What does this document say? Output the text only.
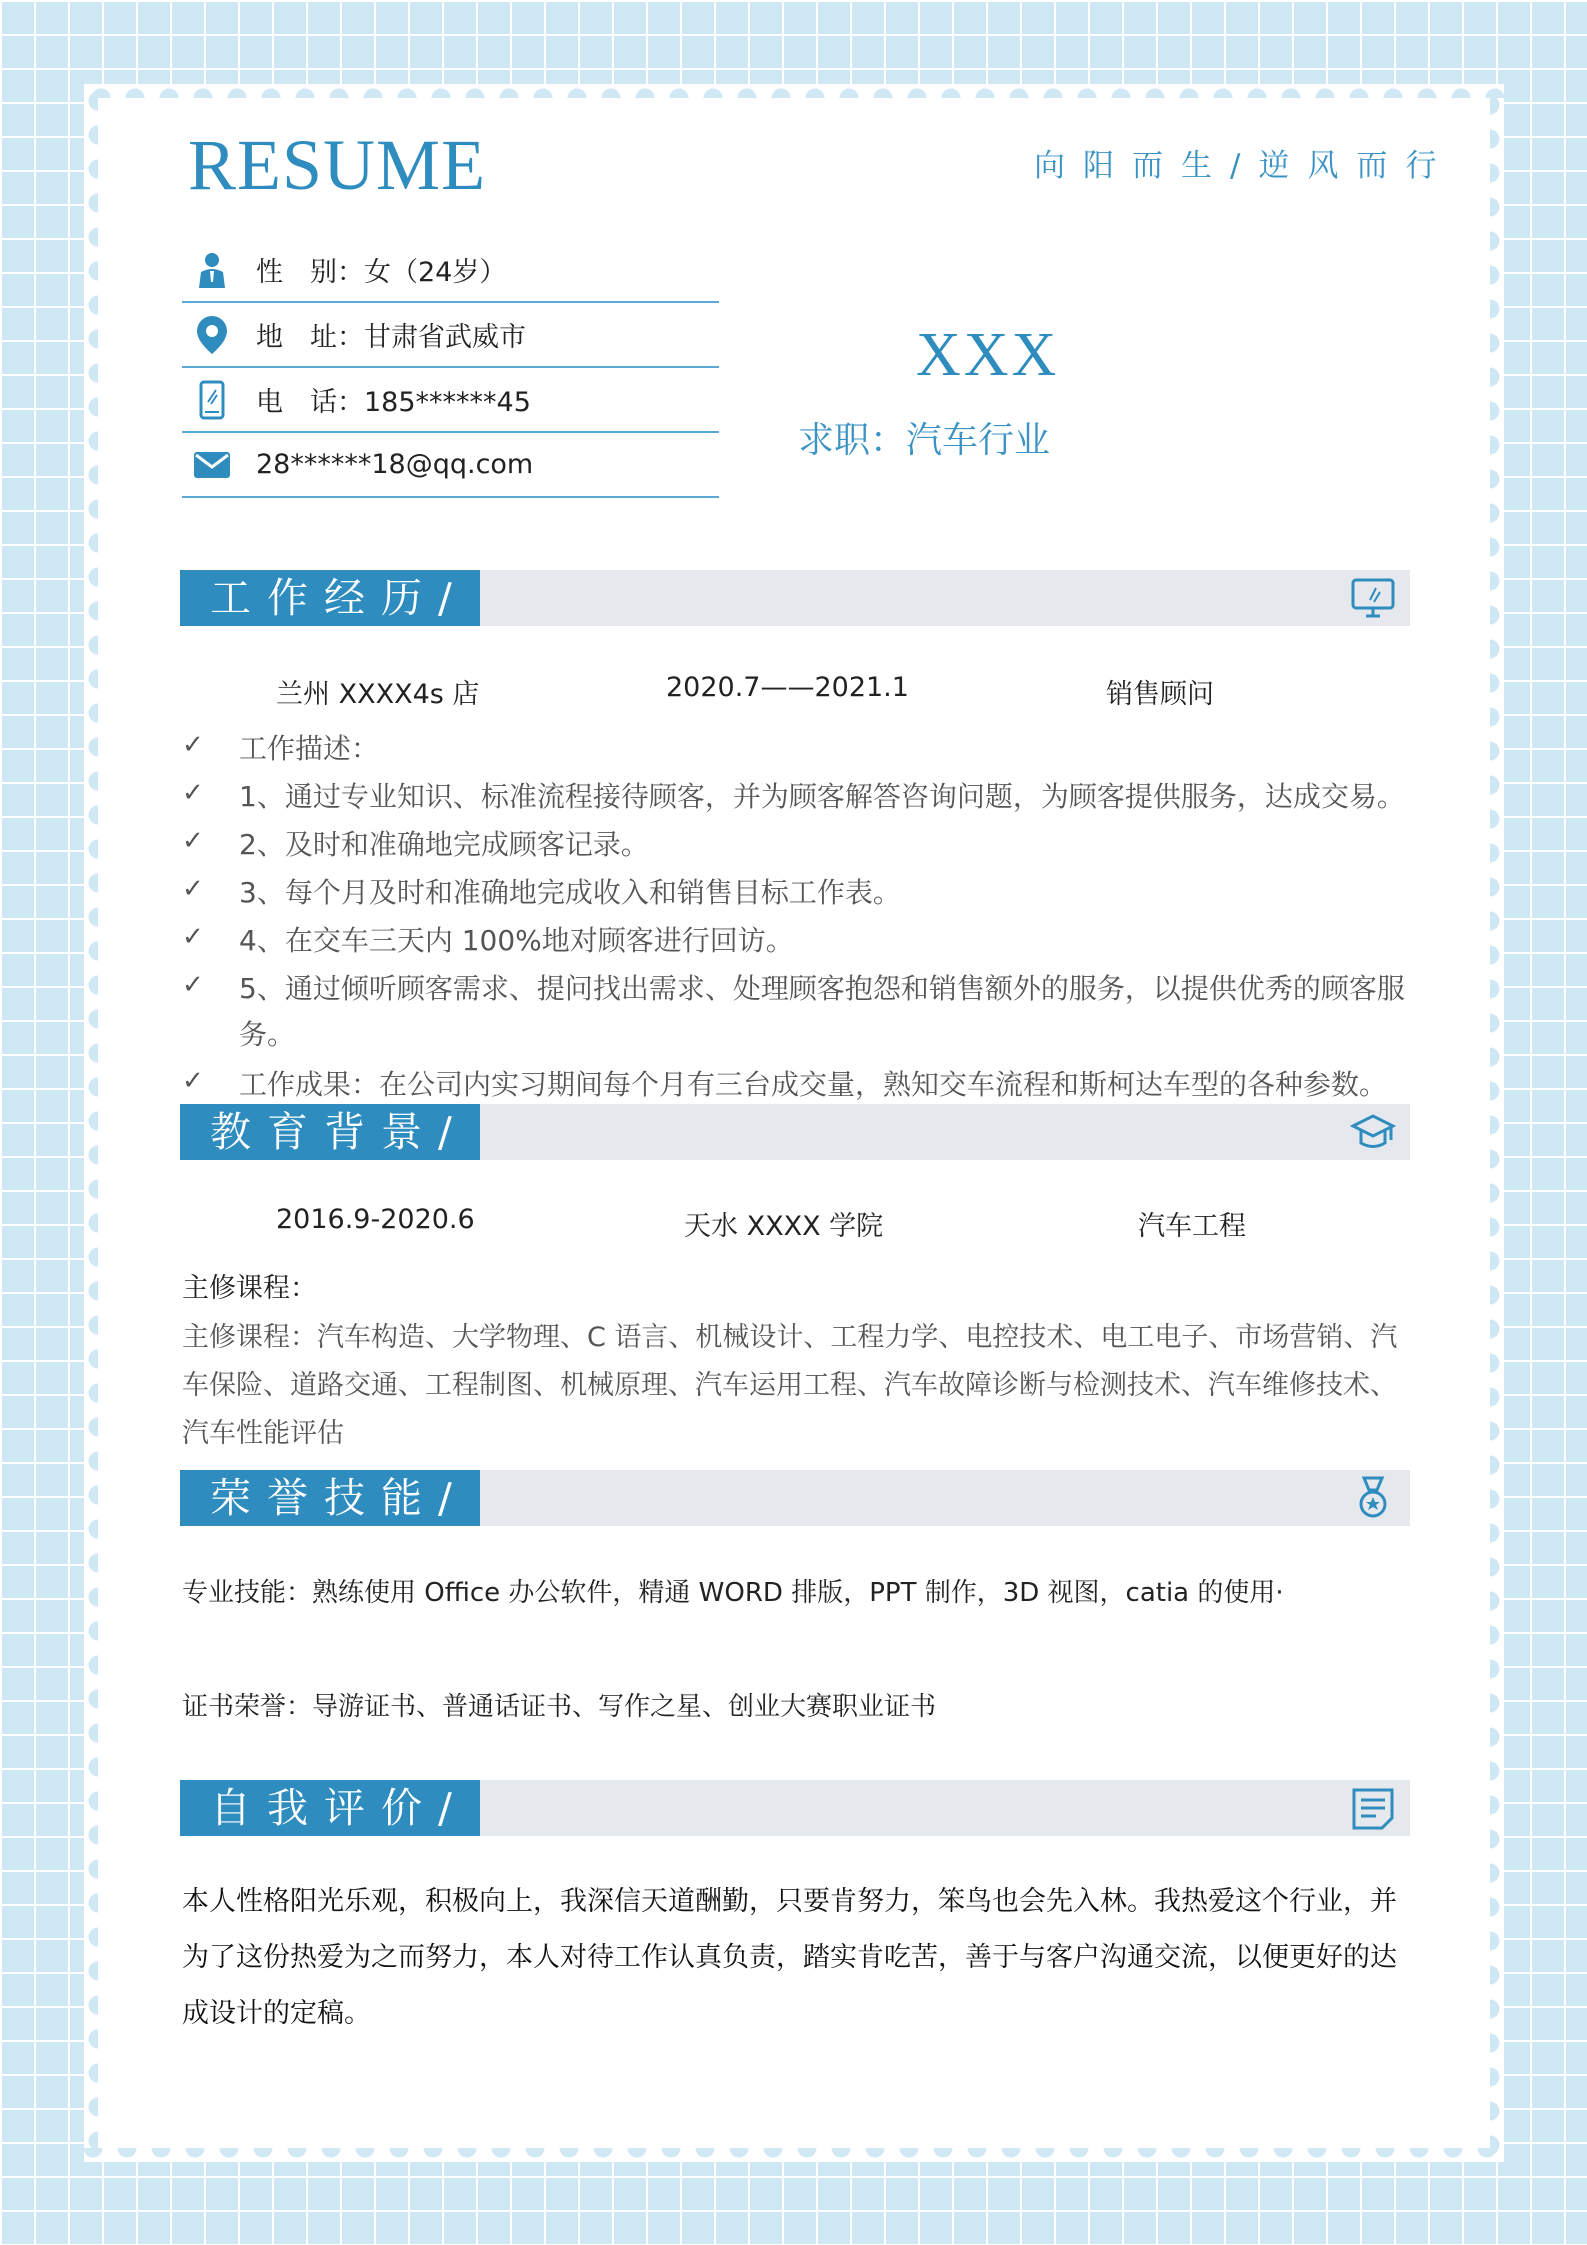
RESUME	向阳而生/逆风而行
性　别：女（24岁）
地　址：甘肃省武威市
电　话：185******45
28******18@qq.com
XXX
求职：汽车行业
工作经历/
兰州 XXXX4s 店	2020.7——2021.1	销售顾问
✓ 工作描述：
✓ 1、通过专业知识、标准流程接待顾客，并为顾客解答咨询问题，为顾客提供服务，达成交易。
✓ 2、及时和准确地完成顾客记录。
✓ 3、每个月及时和准确地完成收入和销售目标工作表。
✓ 4、在交车三天内 100%地对顾客进行回访。
✓ 5、通过倾听顾客需求、提问找出需求、处理顾客抱怨和销售额外的服务，以提供优秀的顾客服务。
✓ 工作成果：在公司内实习期间每个月有三台成交量，熟知交车流程和斯柯达车型的各种参数。
教育背景/
2016.9-2020.6	天水 XXXX 学院	汽车工程
主修课程：
主修课程：汽车构造、大学物理、C 语言、机械设计、工程力学、电控技术、电工电子、市场营销、汽车保险、道路交通、工程制图、机械原理、汽车运用工程、汽车故障诊断与检测技术、汽车维修技术、汽车性能评估
荣誉技能/
专业技能：熟练使用 Office 办公软件，精通 WORD 排版，PPT 制作，3D 视图，catia 的使用·
证书荣誉：导游证书、普通话证书、写作之星、创业大赛职业证书
自我评价/
本人性格阳光乐观，积极向上，我深信天道酬勤，只要肯努力，笨鸟也会先入林。我热爱这个行业，并为了这份热爱为之而努力，本人对待工作认真负责，踏实肯吃苦，善于与客户沟通交流，以便更好的达成设计的定稿。
